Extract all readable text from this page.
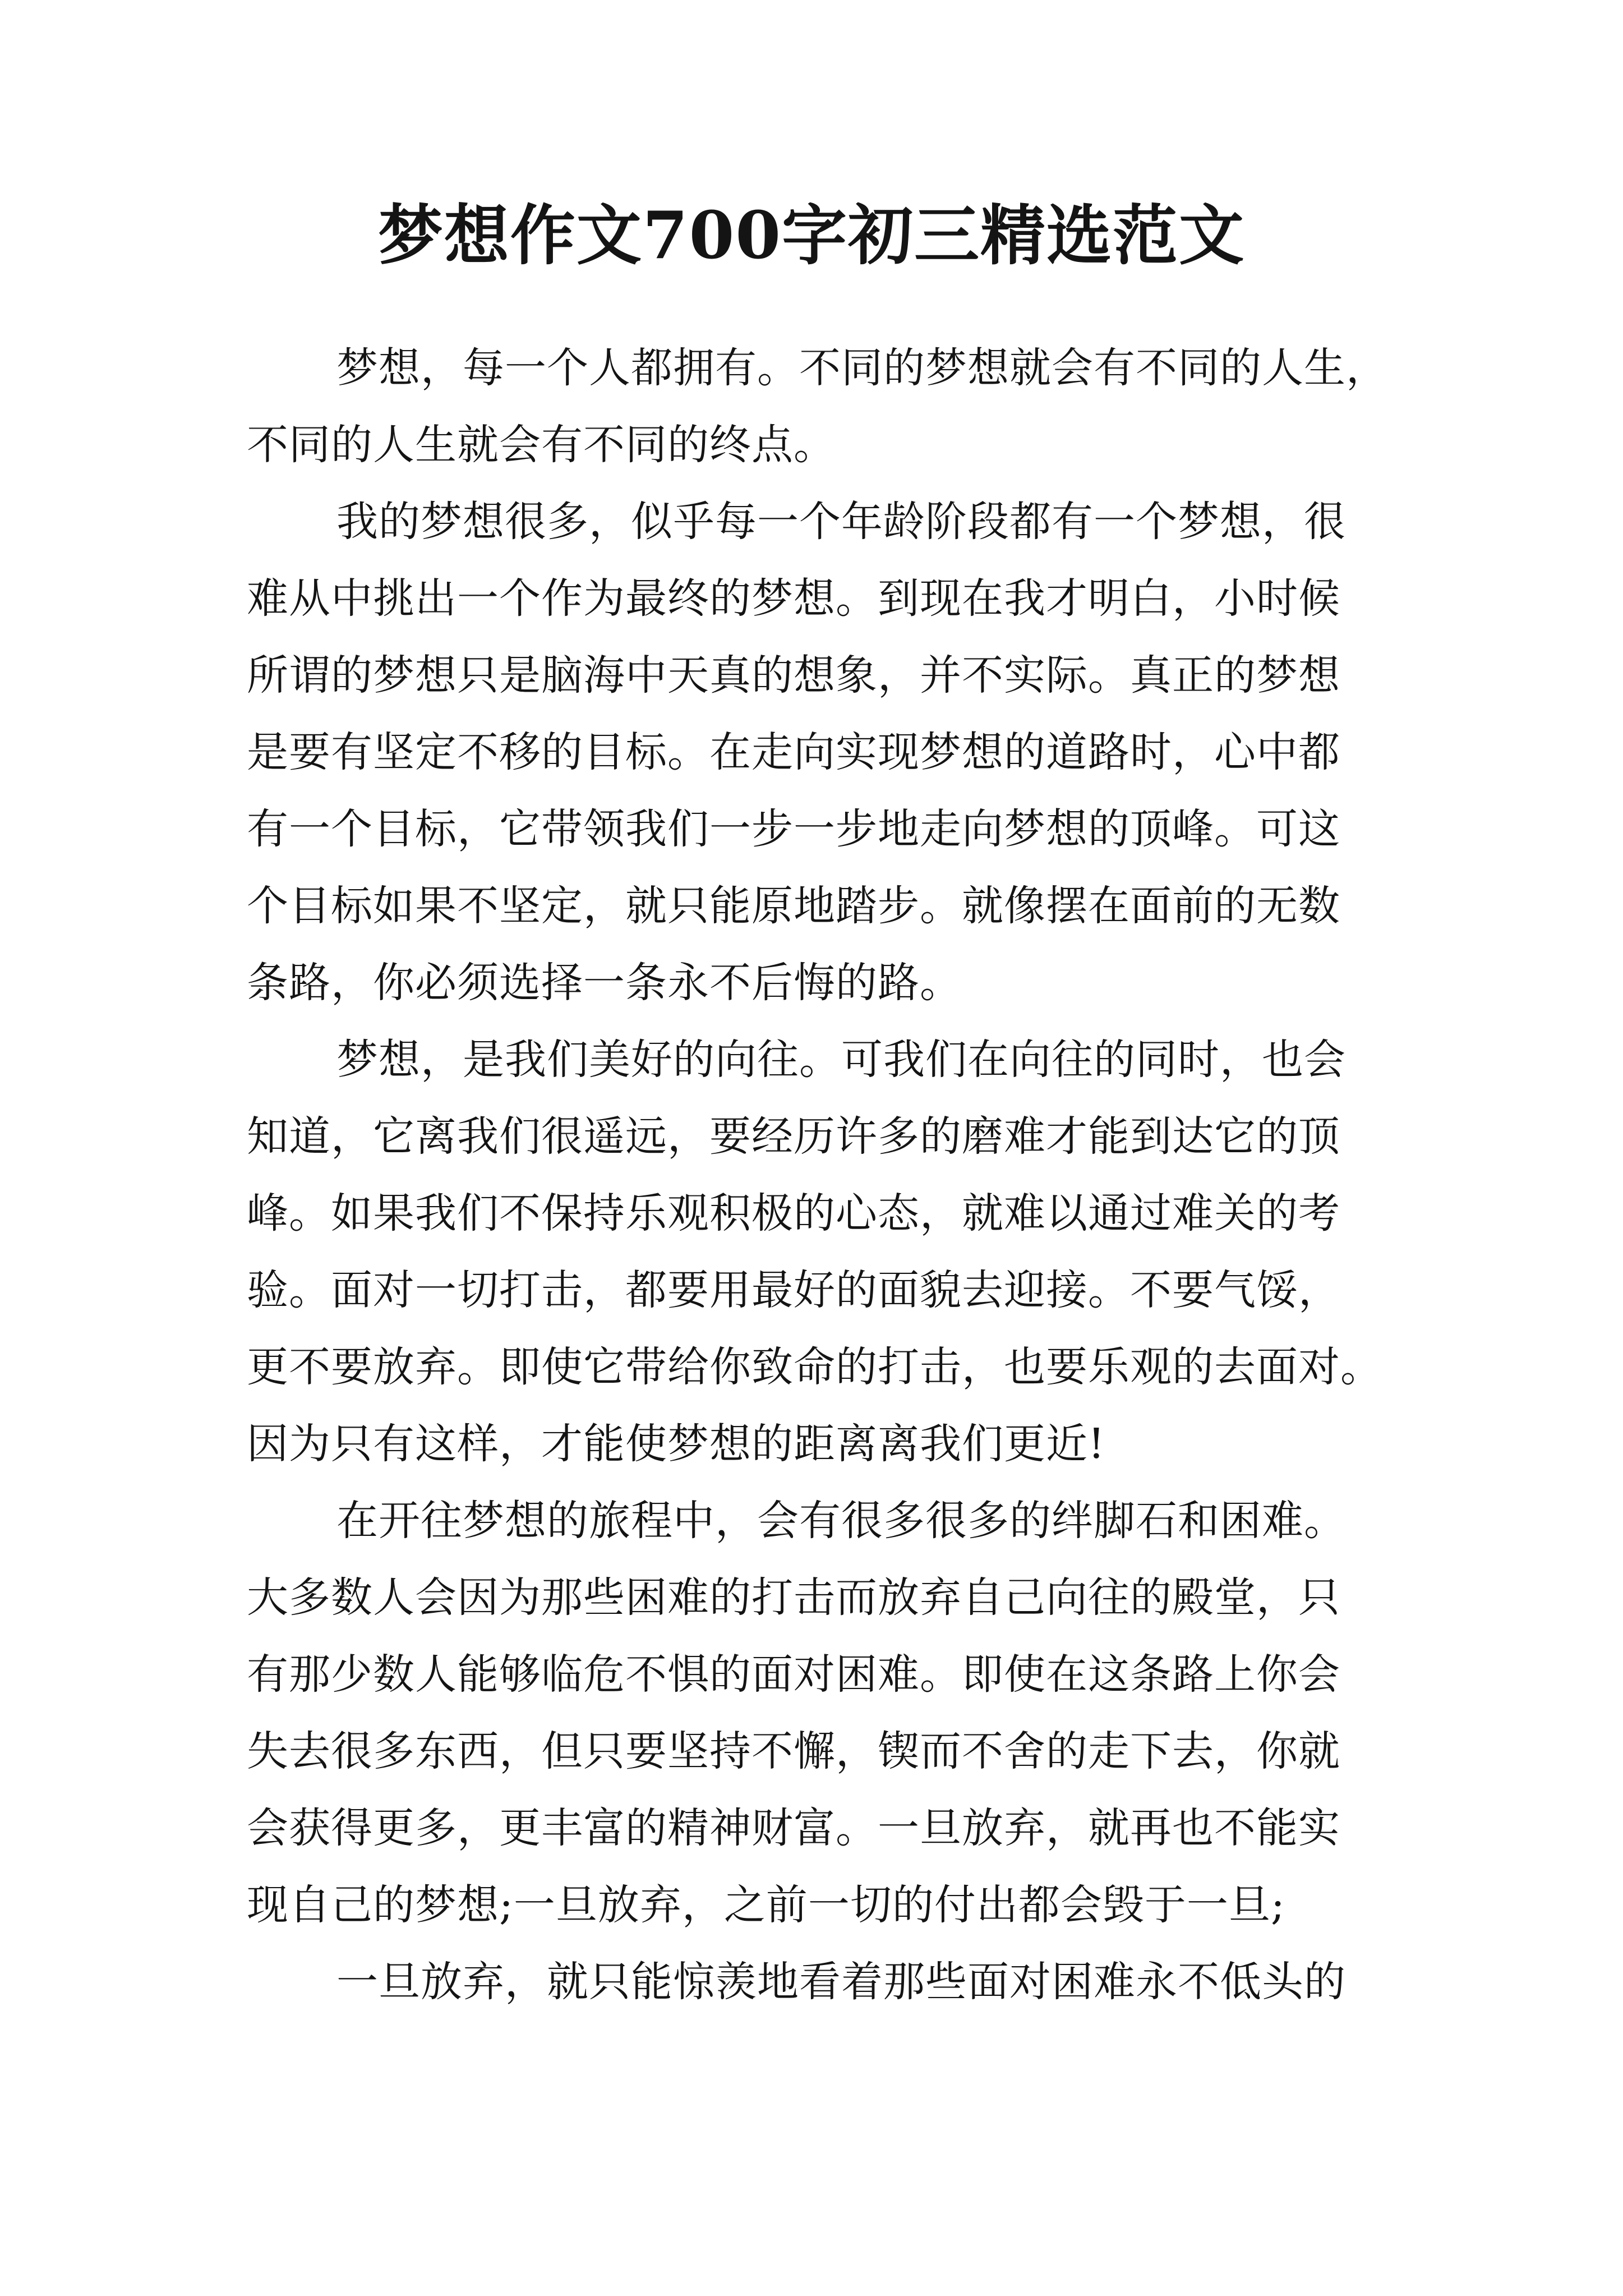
梦想作文700字初三精选范文
梦想，每一个人都拥有。不同的梦想就会有不同的人生，
不同的人生就会有不同的终点。
我的梦想很多，似乎每一个年龄阶段都有一个梦想，很
难从中挑出一个作为最终的梦想。到现在我才明白，小时候
所谓的梦想只是脑海中天真的想象，并不实际。真正的梦想
是要有坚定不移的目标。在走向实现梦想的道路时，心中都
有一个目标，它带领我们一步一步地走向梦想的顶峰。可这
个目标如果不坚定，就只能原地踏步。就像摆在面前的无数
条路，你必须选择一条永不后悔的路。
梦想，是我们美好的向往。可我们在向往的同时，也会
知道，它离我们很遥远，要经历许多的磨难才能到达它的顶
峰。如果我们不保持乐观积极的心态，就难以通过难关的考
验。面对一切打击，都要用最好的面貌去迎接。不要气馁，
更不要放弃。即使它带给你致命的打击，也要乐观的去面对。
因为只有这样，才能使梦想的距离离我们更近!
在开往梦想的旅程中，会有很多很多的绊脚石和困难。
大多数人会因为那些困难的打击而放弃自己向往的殿堂，只
有那少数人能够临危不惧的面对困难。即使在这条路上你会
失去很多东西，但只要坚持不懈，锲而不舍的走下去，你就
会获得更多，更丰富的精神财富。一旦放弃，就再也不能实
现自己的梦想;一旦放弃，之前一切的付出都会毁于一旦;
一旦放弃，就只能惊羡地看着那些面对困难永不低头的
